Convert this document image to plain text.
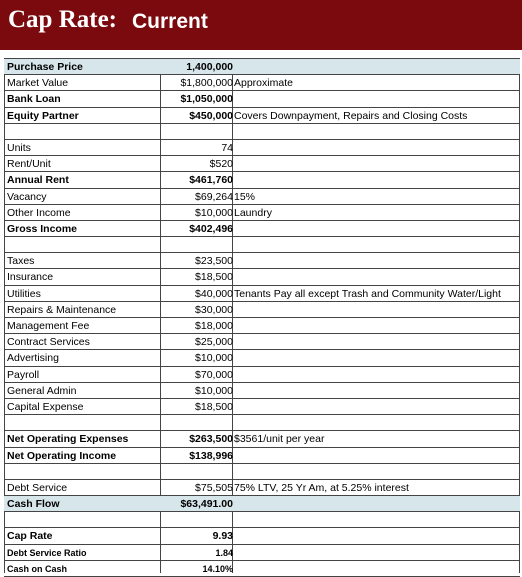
Cap Rate: Current
Purchase Price	1,400,000
Market Value	$1,800,000 Approximate
Bank Loan	$1,050,000
Equity Partner	$450,000 Covers Downpayment, Repairs and Closing Costs
Units	74
Rent/Unit	$520
Annual Rent	$461,760
Vacancy	$69,264 15%
Other Income	$10,000 Laundry
Gross Income	$402,496
Taxes	$23,500
Insurance	$18,500
Utilities	$40,000 Tenants Pay all except Trash and Community Water/Light
Repairs & Maintenance	$30,000
Management Fee	$18,000
Contract Services	$25,000
Advertising	$10,000
Payroll	$70,000
General Admin	$10,000
Capital Expense	$18,500
Net Operating Expenses	$263,500 $3561/unit per year
Net Operating Income	$138,996
Debt Service	$75,505 75% LTV, 25 Yr Am, at 5.25% interest
Cash Flow	$63,491.00
Cap Rate	9.93
Debt Service Ratio	1.84
Cash on Cash	14.10%
